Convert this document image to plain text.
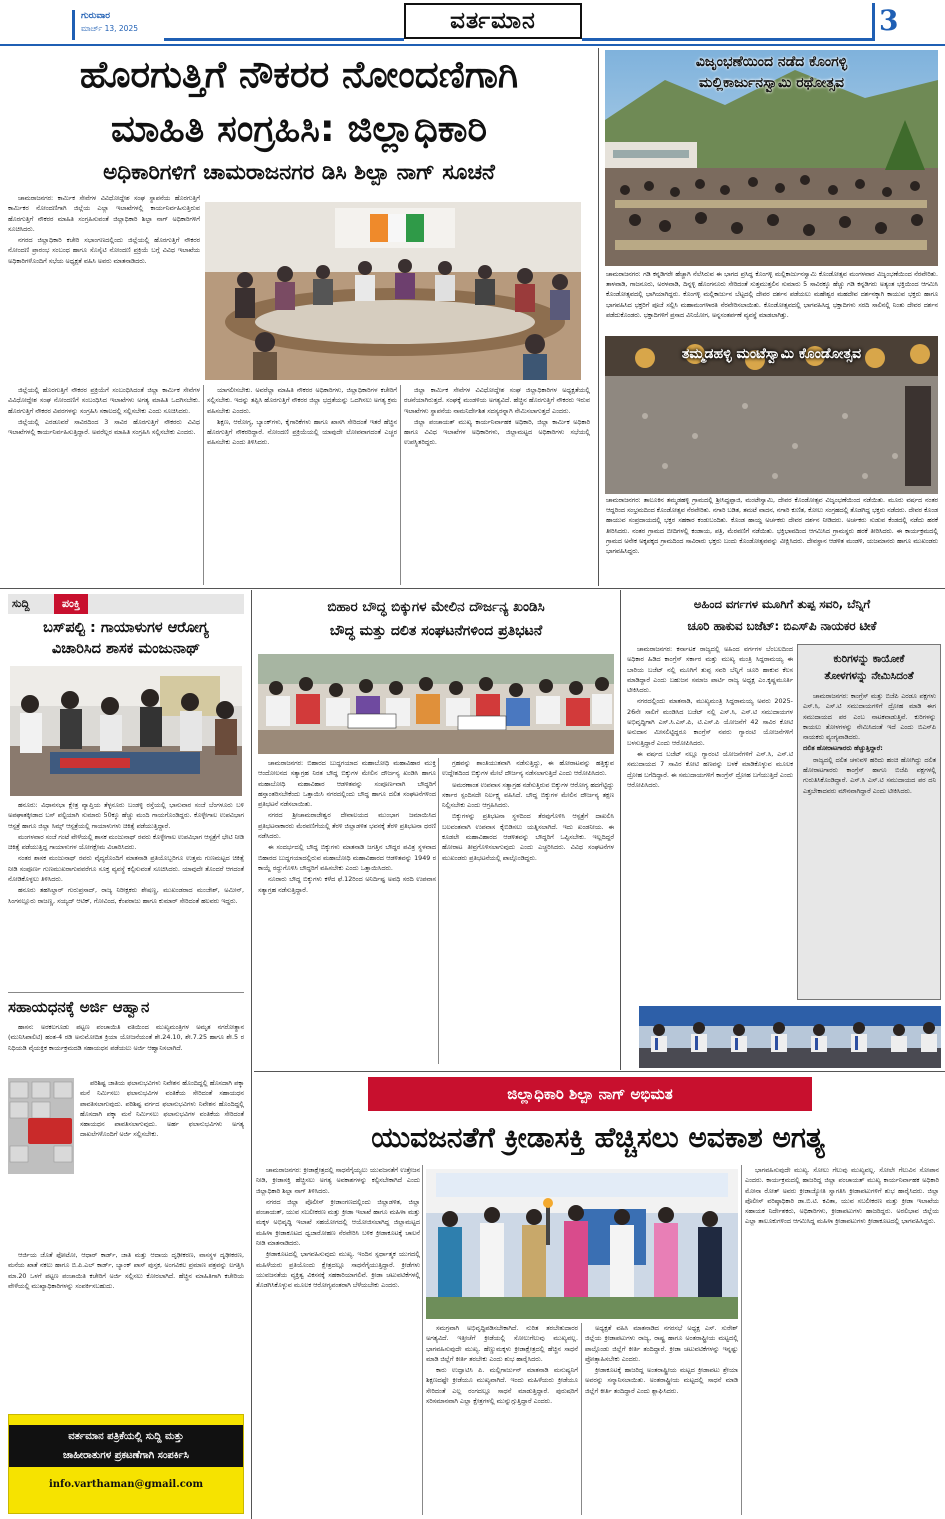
ಗುರುವಾರ
ಮಾರ್ಚ್ 13, 2025	ವರ್ತಮಾನ	3
ಹೊರಗುತ್ತಿಗೆ ನೌಕರರ ನೋಂದಣಿಗಾಗಿ
ಮಾಹಿತಿ ಸಂಗ್ರಹಿಸಿ: ಜಿಲ್ಲಾಧಿಕಾರಿ
ಅಧಿಕಾರಿಗಳಿಗೆ ಚಾಮರಾಜನಗರ ಡಿಸಿ ಶಿಲ್ಪಾ ನಾಗ್ ಸೂಚನೆ

ಚಾಮರಾಜನಗರ: ಕಾರ್ಮಿಕ ಸೇವೆಗಳ ವಿವಿಧೋದ್ದೇಶ ಸಂಘ ಸ್ಥಾಪನೆಯ ಹೊರಗುತ್ತಿಗೆ ಕಾರ್ಮಿಕರ ನೋಂದಣಿಗಾಗಿ ಜಿಲ್ಲೆಯ ಎಲ್ಲಾ ಇಲಾಖೆಗಳಲ್ಲಿ ಕಾರ್ಯನಿರ್ವಹಿಸುತ್ತಿರುವ ಹೊರಗುತ್ತಿಗೆ ನೌಕರರ ಮಾಹಿತಿ ಸಂಗ್ರಹಿಸುವಂತೆ ಜಿಲ್ಲಾಧಿಕಾರಿ ಶಿಲ್ಪಾ ನಾಗ್ ಅಧಿಕಾರಿಗಳಿಗೆ ಸೂಚಿಸಿದರು.

ನಗರದ ಜಿಲ್ಲಾಧಿಕಾರಿ ಕಚೇರಿ ಸಭಾಂಗಣದಲ್ಲಿಂದು ಜಿಲ್ಲೆಯಲ್ಲಿ ಹೊರಗುತ್ತಿಗೆ ನೌಕರರ ನೋಂದಣಿ ಪ್ರಾರಂಭ ಸಂಬಂಧ ಹಾಗೂ ಸೊಸೈಟಿ ನೋಂದಣಿ ಪ್ರಕ್ರಿಯೆ ಬಗ್ಗೆ ವಿವಿಧ ಇಲಾಖೆಯ ಅಧಿಕಾರಿಗಳೊಂದಿಗೆ ಸಭೆಯ ಅಧ್ಯಕ್ಷತೆ ವಹಿಸಿ ಅವರು ಮಾತನಾಡಿದರು.

ಜಿಲ್ಲೆಯಲ್ಲಿ ಹೊರಗುತ್ತಿಗೆ ನೌಕರರ ಪ್ರಕ್ರಿಯೆಗೆ ಸಂಬಂಧಿಸಿದಂತೆ ಜಿಲ್ಲಾ ಕಾರ್ಮಿಕ ಸೇವೆಗಳ ವಿವಿಧೋದ್ದೇಶ ಸಂಘ ನೋಂದಣಿಗೆ ಸಂಬಂಧಿಸಿದ ಇಲಾಖೆಗಳು ಅಗತ್ಯ ಮಾಹಿತಿ ಒದಗಿಸಬೇಕು. ಹೊರಗುತ್ತಿಗೆ ನೌಕರರ ವಿವರಗಳನ್ನು ಸಂಗ್ರಹಿಸಿ ಸಕಾಲದಲ್ಲಿ ಸಲ್ಲಿಸಬೇಕು ಎಂದು ಸೂಚಿಸಿದರು.

ಜಿಲ್ಲೆಯಲ್ಲಿ ಎರಡೂವರೆ ಸಾವಿರದಿಂದ 3 ಸಾವಿರ ಹೊರಗುತ್ತಿಗೆ ನೌಕರರು ವಿವಿಧ ಇಲಾಖೆಗಳಲ್ಲಿ ಕಾರ್ಯನಿರ್ವಹಿಸುತ್ತಿದ್ದಾರೆ. ಅವರೆಲ್ಲರ ಮಾಹಿತಿ ಸಂಗ್ರಹಿಸಿ ಸಲ್ಲಿಸಬೇಕು ಎಂದರು.

ಯಾಗಲೀಸಬೇಕು. ಅವರೆಲ್ಲಾ ಮಾಹಿತಿ ನೌಕರರ ಅಧಿಕಾರಿಗಳು, ಜಿಲ್ಲಾಧಿಕಾರಿಗಳ ಕಚೇರಿಗೆ ಸಲ್ಲಿಸಬೇಕು. ಇದನ್ನು ತಪ್ಪಿಸಿ ಹೊರಗುತ್ತಿಗೆ ನೌಕರರ ಜಿಲ್ಲಾ ಭದ್ರತೆಯನ್ನು ಒದಗಿಸಲು ಅಗತ್ಯ ಕ್ರಮ ವಹಿಸಬೇಕು ಎಂದರು.

ಶಿಕ್ಷಣ, ಆರೋಗ್ಯ, ಬ್ಯಾಂಕ್‌ಗಳು, ಕೈಗಾರಿಕೆಗಳು ಹಾಗೂ ಖಾಸಗಿ ಸೇರಿದಂತೆ ಇತರೆ ಹೆಚ್ಚಿನ ಹೊರಗುತ್ತಿಗೆ ನೌಕರರಿದ್ದಾರೆ. ನೋಂದಣಿ ಪ್ರಕ್ರಿಯೆಯಲ್ಲಿ ಯಾವುದೇ ಲೋಪವಾಗದಂತೆ ಎಚ್ಚರ ವಹಿಸಬೇಕು ಎಂದು ತಿಳಿಸಿದರು.

ಜಿಲ್ಲಾ ಕಾರ್ಮಿಕ ಸೇವೆಗಳ ವಿವಿಧೋದ್ದೇಶ ಸಂಘ ಜಿಲ್ಲಾಧಿಕಾರಿಗಳ ಅಧ್ಯಕ್ಷತೆಯಲ್ಲಿ ರಚನೆಯಾಗಿರುತ್ತದೆ. ಸಂಘಕ್ಕೆ ಮಂಡಳಿಯ ಅಗತ್ಯವಿದೆ. ಹೆಚ್ಚಿನ ಹೊರಗುತ್ತಿಗೆ ನೌಕರರು ಇರುವ ಇಲಾಖೆಗಳು ಸ್ಥಾಪನೆಯ ನಾಮನಿರ್ದೇಶಿತ ಸದಸ್ಯರನ್ನಾಗಿ ನೇಮಿಸಲಾಗುತ್ತದೆ ಎಂದರು.

ಜಿಲ್ಲಾ ಪಂಚಾಯತ್ ಮುಖ್ಯ ಕಾರ್ಯನಿರ್ವಾಹಕ ಅಧಿಕಾರಿ, ಜಿಲ್ಲಾ ಕಾರ್ಮಿಕ ಅಧಿಕಾರಿ ಹಾಗೂ ವಿವಿಧ ಇಲಾಖೆಗಳ ಅಧಿಕಾರಿಗಳು, ಜಿಲ್ಲಾಮಟ್ಟದ ಅಧಿಕಾರಿಗಳು ಸಭೆಯಲ್ಲಿ ಉಪಸ್ಥಿತರಿದ್ದರು.

ವಿಜೃಂಭಣೆಯಿಂದ ನಡೆದ ಕೊಂಗಳ್ಳಿ
ಮಲ್ಲಿಕಾರ್ಜುನಸ್ವಾಮಿ ರಥೋತ್ಸವ
ಚಾಮರಾಜನಗರ: ಗಡಿ ಕನ್ನಡಿಗರೇ ಹೆಚ್ಚಾಗಿ ನೆಲೆಸಿರುವ ಈ ಭಾಗದ ಪ್ರಸಿದ್ಧ ಕೊಂಗಳ್ಳಿ ಮಲ್ಲಿಕಾರ್ಜುನಸ್ವಾಮಿ ಕೊಂಡೋತ್ಸವ ಮಂಗಳವಾರ ವಿಜೃಂಭಣೆಯಿಂದ ನೆರವೇರಿತು. ತಾಳವಾಡಿ, ಗಾಜನೂರು, ಅರಳವಾಡಿ, ದಿನ್ನಳ್ಳಿ ಹೊಂಗನೂರು ಸೇರಿದಂತೆ ಸುತ್ತಮುತ್ತಲಿನ ಸುಮಾರು 5 ಸಾವಿರಕ್ಕೂ ಹೆಚ್ಚು ಗಡಿ ಕನ್ನಡಿಗರು ಅತ್ಯಂತ ಭಕ್ತಿಯಿಂದ ಆಗಮಿಸಿ ಕೊಂಡೋತ್ಸವದಲ್ಲಿ ಭಾಗಿಯಾಗಿದ್ದರು. ಕೊಂಗಳ್ಳಿ ಮಲ್ಲಿಕಾರ್ಜುನ ಬೆಟ್ಟದಲ್ಲಿ ದೇವರ ದರ್ಶನ ಪಡೆಯಲು ಮಹೇಶ್ವರ ಮಹದೇವ ದರ್ಶನಕ್ಕಾಗಿ ಕಾಯುವ ಭಕ್ತರು ಹಾಗೂ ಭಾಗವಹಿಸಿದ ಭಕ್ತರಿಗೆ ಪೂಜೆ ಸಲ್ಲಿಸಿ ಮಹಾಮಂಗಳಾರತಿ ನೆರವೇರಿಸಲಾಯಿತು. ಕೊಂಡೋತ್ಸವದಲ್ಲಿ ಭಾಗವಹಿಸಿದ್ದ ಭಕ್ತಾದಿಗಳು ಸರದಿ ಸಾಲಿನಲ್ಲಿ ನಿಂತು ದೇವರ ದರ್ಶನ ಪಡೆದುಕೊಂಡರು. ಭಕ್ತಾದಿಗಳಿಗೆ ಪ್ರಸಾದ ವಿನಿಯೋಗ, ಅನ್ನಸಂತರ್ಪಣೆ ವ್ಯವಸ್ಥೆ ಮಾಡಲಾಗಿತ್ತು.
ತಮ್ಮಡಹಳ್ಳಿ ಮಂಟೆಸ್ವಾಮಿ ಕೊಂಡೋತ್ಸವ
ಚಾಮರಾಜನಗರ: ತಾಲೂಕಿನ ತಮ್ಮಡಹಳ್ಳಿ ಗ್ರಾಮದಲ್ಲಿ ಶ್ರೀಸಿದ್ಧಪ್ಪಾಜಿ, ಮಂಟೇಸ್ವಾಮಿ, ದೇವರ ಕೊಂಡೋತ್ಸವ ವಿಜೃಂಭಣೆಯಿಂದ ನಡೆಯಿತು. ಮೂರು ವರ್ಷದ ನಂತರ ಆದ್ದರಿಂದ ಸಂಭ್ರಮದಿಂದ ಕೊಂಡೋತ್ಸವ ನೆರವೇರಿತು. ನಗಾರಿ ಬಡಿತ, ತಮಟೆ ವಾದನ, ನಗಾರಿ ಕುಣಿತ, ಕೋಲು ಸಂಗ್ರಹದಲ್ಲಿ ತೊಡಗಿದ್ದ ಭಕ್ತರು ನಡೆದರು. ದೇವರ ಕೊಂಡ ಹಾಯುವ ಸಂಪ್ರದಾಯದಲ್ಲಿ ಭಕ್ತರ ಸಹಕಾರ ಕಂಡುಬಂದಿತು. ಕೊಂಡ ಹಾಯ್ದ ಅರ್ಚಕರು ದೇವರ ದರ್ಶನ ನೀಡಿದರು. ಅರ್ಚಕರು ಸುಡುವ ಕೆಂಡದಲ್ಲಿ ನಡೆದು ಹರಕೆ ತೀರಿಸಿದರು. ನಂತರ ಗ್ರಾಮದ ಬೀದಿಗಳಲ್ಲಿ ಕಂಡಾಯ, ಪತ್ರಿ, ಮೆರವಣಿಗೆ ನಡೆಯಿತು. ಭಕ್ತಿಭಾವದಿಂದ ಆಗಮಿಸಿದ ಗ್ರಾಮಸ್ಥರು ಹರಕೆ ತೀರಿಸಿದರು. ಈ ಕಾರ್ಯಕ್ರಮದಲ್ಲಿ ಗ್ರಾಮದ ಅನೇಕ ಅಕ್ಕಪಕ್ಕದ ಗ್ರಾಮದಿಂದ ಸಾವಿರಾರು ಭಕ್ತರು ಬಂದು ಕೊಂಡೋತ್ಸವವನ್ನು ವೀಕ್ಷಿಸಿದರು. ದೇವಸ್ಥಾನ ಆಡಳಿತ ಮಂಡಳಿ, ಯಜಮಾನರು ಹಾಗೂ ಮುಖಂಡರು ಭಾಗವಹಿಸಿದ್ದರು.
ಸುದ್ದಿ	ಪಂಕ್ತಿ
ಬಸ್‌ಪಲ್ಟಿ : ಗಾಯಾಳುಗಳ ಆರೋಗ್ಯ
ವಿಚಾರಿಸಿದ ಶಾಸಕ ಮಂಜುನಾಥ್

ಹನೂರು: ವಿಧಾನಸಭಾ ಕ್ಷೇತ್ರ ವ್ಯಾಪ್ತಿಯ ತೆಳ್ಳನೂರು ಬಂಡಳ್ಳಿ ರಸ್ತೆಯಲ್ಲಿ ಭಾನುವಾರ ಸಂಜೆ ಬೆಂಗಳೂರು ಬಳಿ ಅಪಘಾತಕ್ಕೀಡಾದ ಬಸ್ ಪಲ್ಟಿಯಾಗಿ ಸುಮಾರು 50ಕ್ಕೂ ಹೆಚ್ಚು ಮಂದಿ ಗಾಯಗೊಂಡಿದ್ದರು. ಕೊಳ್ಳೇಗಾಲ ಉಪವಿಭಾಗ ಆಸ್ಪತ್ರೆ ಹಾಗೂ ಜಿಲ್ಲಾ ಸಿಮ್ಸ್ ಆಸ್ಪತ್ರೆಯಲ್ಲಿ ಗಾಯಾಳುಗಳು ಚಿಕಿತ್ಸೆ ಪಡೆಯುತ್ತಿದ್ದಾರೆ.

ಮಂಗಳವಾರ ಸಂಜೆ ಗಂಟೆ ವೇಳೆಯಲ್ಲಿ ಶಾಸಕ ಮಂಜುನಾಥ್ ರವರು ಕೊಳ್ಳೇಗಾಲ ಉಪವಿಭಾಗ ಆಸ್ಪತ್ರೆಗೆ ಭೇಟಿ ನೀಡಿ ಚಿಕಿತ್ಸೆ ಪಡೆಯುತ್ತಿದ್ದ ಗಾಯಾಳುಗಳ ಯೋಗಕ್ಷೇಮ ವಿಚಾರಿಸಿದರು.

ನಂತರ ಶಾಸಕ ಮಂಜುನಾಥ್ ರವರು ವೈದ್ಯರೊಂದಿಗೆ ಮಾತನಾಡಿ ಪ್ರತಿಯೊಬ್ಬರಿಗೂ ಉತ್ತಮ ಗುಣಮಟ್ಟದ ಚಿಕಿತ್ಸೆ ನೀಡಿ ಸಂಪೂರ್ಣ ಗುಣಮುಖರಾಗುವವರೆಗೂ ಸೂಕ್ತ ವ್ಯವಸ್ಥೆ ಕಲ್ಪಿಸುವಂತೆ ಸೂಚಿಸಿದರು. ಯಾವುದೇ ತೊಂದರೆ ಆಗದಂತೆ ನೋಡಿಕೊಳ್ಳಲು ತಿಳಿಸಿದರು.

ಹನೂರು ತಹಸಿಲ್ದಾರ್ ಗುರುಪ್ರಸಾದ್, ರಾಜ್ಯ ನಿರೀಕ್ಷಕರು ಶೇಷಣ್ಣ, ಮುಖಂಡರಾದ ಮಂಜೇಶ್, ಅಮೀನ್, ಸಿಂಗನಲ್ಲೂರು ರಾಜಣ್ಣ, ಸಯ್ಯದ್ ಆಟಿಕ್, ಗೋವಿಂದ, ಕೆಂಪರಾಜು ಹಾಗೂ ಕುಮಾರ್ ಸೇರಿದಂತೆ ಹಲವರು ಇದ್ದರು.

ಸಹಾಯಧನಕ್ಕೆ ಅರ್ಜಿ ಆಹ್ವಾನ

ಹಾಸನ: ಅರಕಲಗೂಡು ಪಟ್ಟಣ ಪಂಚಾಯಿತಿ ವತಿಯಿಂದ ಮುಖ್ಯಮಂತ್ರಿಗಳ ಅಮೃತ ನಗರೋತ್ಥಾನ (ಮುನಿಸಿಪಾಲಿಟಿ) ಹಂತ-4 ರಡಿ ಅನುಮೋದಿತ ಕ್ರಿಯಾ ಯೋಜನೆಯಂತೆ ಶೇ.24.10, ಶೇ.7.25 ಹಾಗೂ ಶೇ.5 ರ ನಿಧಿಯಡಿ ವೈಯಕ್ತಿಕ ಕಾರ್ಯಕ್ರಮದಡಿ ಸಹಾಯಧನ ಪಡೆಯಲು ಅರ್ಜಿ ಆಹ್ವಾನಿಸಲಾಗಿದೆ.

ಪರಿಶಿಷ್ಟ ಜಾತಿಯ ಫಲಾನುಭವಿಗಳು ನಿವೇಶನ ಹೊಂದಿದ್ದಲ್ಲಿ ಹೊಸದಾಗಿ ಪಕ್ಕಾ ಮನೆ ನಿರ್ಮಿಸಲು ಫಲಾನುಭವಿಗಳ ವಂತಿಕೆಯ ಸೇರಿದಂತೆ ಸಹಾಯಧನ ಪಾವತಿಸಲಾಗುವುದು. ಪರಿಶಿಷ್ಟ ವರ್ಗದ ಫಲಾನುಭವಿಗಳು ನಿವೇಶನ ಹೊಂದಿದ್ದಲ್ಲಿ ಹೊಸದಾಗಿ ಪಕ್ಕಾ ಮನೆ ನಿರ್ಮಿಸಲು ಫಲಾನುಭವಿಗಳ ವಂತಿಕೆಯ ಸೇರಿದಂತೆ ಸಹಾಯಧನ ಪಾವತಿಸಲಾಗುವುದು. ಅರ್ಹ ಫಲಾನುಭವಿಗಳು ಅಗತ್ಯ ದಾಖಲೆಗಳೊಂದಿಗೆ ಅರ್ಜಿ ಸಲ್ಲಿಸಬೇಕು.

ಆರ್ಜಿಯ ಜೊತೆ ಫೋಟೋ, ಆಧಾರ್ ಕಾರ್ಡ್, ಜಾತಿ ಮತ್ತು ಆದಾಯ ದೃಢೀಕರಣ, ವಾಸಸ್ಥಳ ದೃಢೀಕರಣ, ಮನೆಯ ಖಾತೆ ನಕಲು ಹಾಗೂ ಬಿ.ಪಿ.ಎಲ್ ಕಾರ್ಡ್, ಬ್ಯಾಂಕ್ ಪಾಸ್ ಪುಸ್ತಕ, ಅಂಗವಿಕಲ ಪ್ರಮಾಣ ಪತ್ರವನ್ನು ಲಗತ್ತಿಸಿ ಮಾ.20 ಒಳಗೆ ಪಟ್ಟಣ ಪಂಚಾಯಿತಿ ಕಚೇರಿಗೆ ಅರ್ಜಿ ಸಲ್ಲಿಸಲು ಕೋರಲಾಗಿದೆ. ಹೆಚ್ಚಿನ ಮಾಹಿತಿಗಾಗಿ ಕಚೇರಿಯ ವೇಳೆಯಲ್ಲಿ ಮುಖ್ಯಾಧಿಕಾರಿಗಳನ್ನು ಸಂಪರ್ಕಿಸಬಹುದು.

ವರ್ತಮಾನ ಪತ್ರಿಕೆಯಲ್ಲಿ ಸುದ್ದಿ ಮತ್ತು
ಜಾಹೀರಾತುಗಳ ಪ್ರಕಟಣೆಗಾಗಿ ಸಂಪರ್ಕಿಸಿ
info.varthaman@gmail.com
ಬಿಹಾರ ಬೌದ್ಧ ಬಿಕ್ಕುಗಳ ಮೇಲಿನ ದೌರ್ಜನ್ಯ ಖಂಡಿಸಿ
ಬೌದ್ಧ ಮತ್ತು ದಲಿತ ಸಂಘಟನೆಗಳಿಂದ ಪ್ರತಿಭಟನೆ

ಚಾಮರಾಜನಗರ: ಬಿಹಾರದ ಬುದ್ಧಗಯಾದ ಮಹಾಬೋಧಿ ಮಹಾವಿಹಾರ ಮುಕ್ತಿ ಆಂದೋಲನದ ಸತ್ಯಾಗ್ರಹ ನಿರತ ಬೌದ್ಧ ಬಿಕ್ಕುಗಳ ಮೇಲಿನ ದೌರ್ಜನ್ಯ ಖಂಡಿಸಿ ಹಾಗೂ ಮಹಾಬೋಧಿ ಮಹಾವಿಹಾರ ಆಡಳಿತವನ್ನು ಸಂಪೂರ್ಣವಾಗಿ ಬೌದ್ಧರಿಗೆ ಹಸ್ತಾಂತರಿಸಬೇಕೆಂದು ಒತ್ತಾಯಿಸಿ ನಗರದಲ್ಲಿಂದು ಬೌದ್ಧ ಹಾಗೂ ದಲಿತ ಸಂಘಟನೆಗಳಿಂದ ಪ್ರತಿಭಟನೆ ನಡೆಸಲಾಯಿತು.

ನಗರದ ಶ್ರೀಚಾಮರಾಜೇಶ್ವರ ದೇವಾಲಯದ ಮುಂಭಾಗ ಜಮಾಯಿಸಿದ ಪ್ರತಿಭಟನಾಕಾರರು ಮೆರವಣಿಗೆಯಲ್ಲಿ ತೆರಳಿ ಜಿಲ್ಲಾಡಳಿತ ಭವನಕ್ಕೆ ತೆರಳಿ ಪ್ರತಿಭಟನಾ ಧರಣಿ ನಡೆಸಿದರು.

ಈ ಸಂದರ್ಭದಲ್ಲಿ ಬೌದ್ಧ ಬಿಕ್ಕುಗಳು ಮಾತನಾಡಿ ಜಗತ್ತಿನ ಬೌದ್ಧರ ಪವಿತ್ರ ಸ್ಥಳವಾದ ಬಿಹಾರದ ಬುದ್ಧಗಯಾದಲ್ಲಿರುವ ಮಹಾಬೋಧಿ ಮಹಾವಿಹಾರದ ಆಡಳಿತವನ್ನು 1949 ರ ಕಾಯ್ದೆ ರದ್ದುಗೊಳಿಸಿ ಬೌದ್ಧರಿಗೆ ವಹಿಸಬೇಕು ಎಂದು ಒತ್ತಾಯಿಸಿದರು.

ನೂರಾರು ಬೌದ್ಧ ಬಿಕ್ಕುಗಳು ಕಳೆದ ಫೆ.12ರಿಂದ ಅನಿರ್ದಿಷ್ಟ ಅವಧಿ ಸರದಿ ಉಪವಾಸ ಸತ್ಯಾಗ್ರಹ ನಡೆಸುತ್ತಿದ್ದಾರೆ.

ಗ್ರಹವನ್ನು ಶಾಂತಿಯುತವಾಗಿ ನಡೆಸುತ್ತಿದ್ದು, ಈ ಹೋರಾಟವನ್ನು ಹತ್ತಿಕ್ಕುವ ಉದ್ದೇಶದಿಂದ ಬಿಕ್ಕುಗಳ ಮೇಲೆ ದೌರ್ಜನ್ಯ ನಡೆಸಲಾಗುತ್ತಿದೆ ಎಂದು ಆರೋಪಿಸಿದರು.

ಅಮರಣಾಂತ ಉಪವಾಸ ಸತ್ಯಾಗ್ರಹ ನಡೆಸುತ್ತಿರುವ ಬಿಕ್ಕುಗಳ ಆರೋಗ್ಯ ಹದಗೆಟ್ಟಿದ್ದು ಸರ್ಕಾರ ಸ್ಪಂದಿಸದೇ ನಿರ್ಲಕ್ಷ್ಯ ವಹಿಸಿದೆ. ಬೌದ್ಧ ಬಿಕ್ಕುಗಳ ಮೇಲಿನ ದೌರ್ಜನ್ಯ ತಕ್ಷಣ ನಿಲ್ಲಿಸಬೇಕು ಎಂದು ಆಗ್ರಹಿಸಿದರು.

ಬಿಕ್ಕುಗಳನ್ನು ಪ್ರತಿಭಟನಾ ಸ್ಥಳದಿಂದ ತೆರವುಗೊಳಿಸಿ ಆಸ್ಪತ್ರೆಗೆ ದಾಖಲಿಸಿ ಬಲವಂತವಾಗಿ ಉಪವಾಸ ಕೈಬಿಡಿಸಲು ಯತ್ನಿಸಲಾಗಿದೆ. ಇದು ಖಂಡನೀಯ. ಈ ಕೂಡಲೇ ಮಹಾವಿಹಾರದ ಆಡಳಿತವನ್ನು ಬೌದ್ಧರಿಗೆ ಒಪ್ಪಿಸಬೇಕು. ಇಲ್ಲದಿದ್ದರೆ ಹೋರಾಟ ತೀವ್ರಗೊಳಿಸಲಾಗುವುದು ಎಂದು ಎಚ್ಚರಿಸಿದರು. ವಿವಿಧ ಸಂಘಟನೆಗಳ ಮುಖಂಡರು ಪ್ರತಿಭಟನೆಯಲ್ಲಿ ಪಾಲ್ಗೊಂಡಿದ್ದರು.

ಅಹಿಂದ ವರ್ಗಗಳ ಮೂಗಿಗೆ ತುಪ್ಪ ಸವರಿ, ಬೆನ್ನಿಗೆ
ಚೂರಿ ಹಾಕುವ ಬಜೆಟ್: ಬಿಎಸ್‌ಪಿ ನಾಯಕರ ಟೀಕೆ

ಚಾಮರಾಜನಗರ: ಕರ್ನಾಟಕ ರಾಜ್ಯದಲ್ಲಿ ಅಹಿಂದ ವರ್ಗಗಳ ಬೆಂಬಲದಿಂದ ಅಧಿಕಾರ ಹಿಡಿದ ಕಾಂಗ್ರೆಸ್ ಸರ್ಕಾರ ಮತ್ತು ಮುಖ್ಯ ಮಂತ್ರಿ ಸಿದ್ದರಾಮಯ್ಯ ಈ ಬಾರಿಯ ಬಜೆಟ್ ನಲ್ಲಿ ಮೂಗಿಗೆ ತುಪ್ಪ ಸವರಿ ಬೆನ್ನಿಗೆ ಚೂರಿ ಹಾಕುವ ಕೆಲಸ ಮಾಡಿದ್ದಾರೆ ಎಂದು ಬಹುಜನ ಸಮಾಜ ಪಾರ್ಟಿ ರಾಜ್ಯ ಅಧ್ಯಕ್ಷ ಎಂ.ಕೃಷ್ಣಮೂರ್ತಿ ಟೀಕಿಸಿದರು.

ನಗರದಲ್ಲಿಂದು ಮಾತನಾಡಿ, ಮುಖ್ಯಮಂತ್ರಿ ಸಿದ್ದರಾಮಯ್ಯ ಅವರು 2025-26ನೇ ಸಾಲಿಗೆ ಮಂಡಿಸಿದ ಬಜೆಟ್ ನಲ್ಲಿ ಎಸ್.ಸಿ, ಎಸ್.ಟಿ ಸಮುದಾಯಗಳ ಅಭಿವೃದ್ಧಿಗಾಗಿ ಎಸ್.ಸಿ.ಎಸ್.ಪಿ, ಟಿ.ಎಸ್.ಪಿ ಯೋಜನೆಗೆ 42 ಸಾವಿರ ಕೋಟಿ ಅನುದಾನ ಮೀಸಲಿಟ್ಟಿದ್ದರೂ ಕಾಂಗ್ರೆಸ್ ನವರು ಗ್ಯಾರಂಟಿ ಯೋಜನೆಗಳಿಗೆ ಬಳಸುತ್ತಿದ್ದಾರೆ ಎಂದು ಆರೋಪಿಸಿದರು.

ಈ ವರ್ಷದ ಬಜೆಟ್ ನಲ್ಲೂ ಗ್ಯಾರಂಟಿ ಯೋಜನೆಗಳಿಗೆ ಎಸ್.ಸಿ, ಎಸ್.ಟಿ ಸಮುದಾಯದ 7 ಸಾವಿರ ಕೋಟಿ ಹಣವನ್ನು ಬಳಕೆ ಮಾಡಿಕೊಳ್ಳುವ ಮೂಲಕ ದ್ರೋಹ ಬಗೆದಿದ್ದಾರೆ. ಈ ಸಮುದಾಯಗಳಿಗೆ ಕಾಂಗ್ರೆಸ್ ದ್ರೋಹ ಬಗೆಯುತ್ತಿದೆ ಎಂದು ಆರೋಪಿಸಿದರು.

ಕುರಿಗಳನ್ನು ಕಾಯೋಕೆ
ತೋಳಗಳನ್ನು ನೇಮಿಸಿದಂತೆ

ಚಾಮರಾಜನಗರ: ಕಾಂಗ್ರೆಸ್ ಮತ್ತು ಬಿಜೆಪಿ ಎರಡೂ ಪಕ್ಷಗಳು ಎಸ್.ಸಿ, ಎಸ್.ಟಿ ಸಮುದಾಯಗಳಿಗೆ ದ್ರೋಹ ಮಾಡಿ ಈಗ ಸಮುದಾಯದ ಪರ ಎಂಬ ನಾಟಕವಾಡುತ್ತಿವೆ. ಕುರಿಗಳನ್ನು ಕಾಯಲು ತೋಳಗಳನ್ನು ನೇಮಿಸಿದಂತೆ ಇದೆ ಎಂದು ಬಿಎಸ್‌ಪಿ ನಾಯಕರು ವ್ಯಂಗ್ಯವಾಡಿದರು.

ದಲಿತ ಹೋರಾಟಗಾರರು ಹೆಚ್ಚುತ್ತಿದ್ದಾರೆ:

ರಾಜ್ಯದಲ್ಲಿ ದಲಿತ ಚಳುವಳಿ ಹರಿದು ಹಂಚಿ ಹೋಗಿದ್ದು ದಲಿತ ಹೋರಾಟಗಾರರು ಕಾಂಗ್ರೆಸ್ ಹಾಗೂ ಬಿಜೆಪಿ ಪಕ್ಷಗಳಲ್ಲಿ ಗುರುತಿಸಿಕೊಂಡಿದ್ದಾರೆ. ಎಸ್.ಸಿ ಎಸ್.ಟಿ ಸಮುದಾಯದ ಪರ ದನಿ ಎತ್ತಬೇಕಾದವರು ಮೌನವಾಗಿದ್ದಾರೆ ಎಂದು ಟೀಕಿಸಿದರು.

ಜಿಲ್ಲಾಧಿಕಾರಿ ಶಿಲ್ಪಾ ನಾಗ್ ಅಭಿಮತ
ಯುವಜನತೆಗೆ ಕ್ರೀಡಾಸಕ್ತಿ ಹೆಚ್ಚಿಸಲು ಅವಕಾಶ ಅಗತ್ಯ

ಚಾಮರಾಜನಗರ: ಕ್ರೀಡಾಕ್ಷೇತ್ರದಲ್ಲಿ ಸಾಧನೆಗೈಯ್ಯಲು ಯುವಜನತೆಗೆ ಉತ್ತೇಜನ ನೀಡಿ, ಕ್ರೀಡಾಸಕ್ತಿ ಹೆಚ್ಚಿಸಲು ಅಗತ್ಯ ಅವಕಾಶಗಳನ್ನು ಕಲ್ಪಿಸಬೇಕಾಗಿದೆ ಎಂದು ಜಿಲ್ಲಾಧಿಕಾರಿ ಶಿಲ್ಪಾ ನಾಗ್ ತಿಳಿಸಿದರು.

ನಗರದ ಜಿಲ್ಲಾ ಪೊಲೀಸ್ ಕ್ರೀಡಾಂಗಣದಲ್ಲಿಂದು ಜಿಲ್ಲಾಡಳಿತ, ಜಿಲ್ಲಾ ಪಂಚಾಯತ್, ಯುವ ಸಬಲೀಕರಣ ಮತ್ತು ಕ್ರೀಡಾ ಇಲಾಖೆ ಹಾಗೂ ಮಹಿಳಾ ಮತ್ತು ಮಕ್ಕಳ ಅಭಿವೃದ್ಧಿ ಇಲಾಖೆ ಸಹಯೋಗದಲ್ಲಿ ಆಯೋಜಿಸಲಾಗಿದ್ದ ಜಿಲ್ಲಾಮಟ್ಟದ ಮಹಿಳಾ ಕ್ರೀಡಾಕೂಟದ ಧ್ವಜಾರೋಹಣ ನೆರವೇರಿಸಿ ಬಳಿಕ ಕ್ರೀಡಾಕೂಟಕ್ಕೆ ಚಾಲನೆ ನೀಡಿ ಮಾತನಾಡಿದರು.

ಕ್ರೀಡಾಕೂಟದಲ್ಲಿ ಭಾಗವಹಿಸುವುದು ಮುಖ್ಯ. ಇಂದಿನ ಸ್ಪರ್ಧಾತ್ಮಕ ಯುಗದಲ್ಲಿ ಮಹಿಳೆಯರು ಪ್ರತಿಯೊಂದು ಕ್ಷೇತ್ರದಲ್ಲೂ ಸಾಧನೆಗೈಯುತ್ತಿದ್ದಾರೆ. ಕ್ರೀಡೆಗಳು ಯುವಜನತೆಯ ವ್ಯಕ್ತಿತ್ವ ವಿಕಸನಕ್ಕೆ ಸಹಕಾರಿಯಾಗಲಿವೆ. ಕ್ರೀಡಾ ಚಟುವಟಿಕೆಗಳಲ್ಲಿ ತೊಡಗಿಸಿಕೊಳ್ಳುವ ಮೂಲಕ ಆರೋಗ್ಯವಂತರಾಗಿ ಬೆಳೆಯಬೇಕು ಎಂದರು.

ಸಮಗ್ರವಾಗಿ ಅಭಿವೃದ್ಧಿಪಡಿಸಬೇಕಾಗಿದೆ. ನುರಿತ ತರಬೇತುದಾರರ ಅಗತ್ಯವಿದೆ. ಇತ್ತೀಚೆಗೆ ಕ್ರೀಡೆಯಲ್ಲಿ ಸೋಲುಗೆಲುವು ಮುಖ್ಯವಲ್ಲ. ಭಾಗವಹಿಸುವುದೇ ಮುಖ್ಯ. ಹೆಣ್ಣುಮಕ್ಕಳು ಕ್ರೀಡಾಕ್ಷೇತ್ರದಲ್ಲಿ ಹೆಚ್ಚಿನ ಸಾಧನೆ ಮಾಡಿ ಜಿಲ್ಲೆಗೆ ಕೀರ್ತಿ ತರಬೇಕು ಎಂದು ಶುಭ ಹಾರೈಸಿದರು.

ಕಾರು ಉದ್ಘಾಟಿಸಿ ಪಿ. ಮಲ್ಲಿಗಾರ್ಜುನ್ ಮಾತನಾಡಿ ಮನುಷ್ಯನಿಗೆ ಶಿಕ್ಷಣದಷ್ಟೇ ಕ್ರೀಡೆಯೂ ಮುಖ್ಯವಾಗಿದೆ. ಇಂದು ಮಹಿಳೆಯರು ಕ್ರೀಡೆಯೂ ಸೇರಿದಂತೆ ಎಲ್ಲ ರಂಗದಲ್ಲೂ ಸಾಧನೆ ಮಾಡುತ್ತಿದ್ದಾರೆ. ಪುರುಷರಿಗೆ ಸರಿಸಮಾನವಾಗಿ ಎಲ್ಲಾ ಕ್ಷೇತ್ರಗಳಲ್ಲಿ ಮುನ್ನುಗ್ಗುತ್ತಿದ್ದಾರೆ ಎಂದರು.

ಅಧ್ಯಕ್ಷತೆ ವಹಿಸಿ ಮಾತನಾಡಿದ ನಗರಸಭೆ ಅಧ್ಯಕ್ಷ ಎಸ್. ಸುರೇಶ್ ಜಿಲ್ಲೆಯ ಕ್ರೀಡಾಪಟುಗಳು ರಾಜ್ಯ, ರಾಷ್ಟ್ರ ಹಾಗೂ ಅಂತರಾಷ್ಟ್ರೀಯ ಮಟ್ಟದಲ್ಲಿ ಪಾಲ್ಗೊಂಡು ಜಿಲ್ಲೆಗೆ ಕೀರ್ತಿ ತಂದಿದ್ದಾರೆ. ಕ್ರೀಡಾ ಚಟುವಟಿಕೆಗಳನ್ನು ಇನ್ನಷ್ಟು ಪ್ರೋತ್ಸಾಹಿಸಬೇಕು ಎಂದರು.

ಕ್ರೀಡಾಕೂಟಕ್ಕೆ ಹಾಜರಿದ್ದ ಅಂತರಾಷ್ಟ್ರೀಯ ಮಟ್ಟದ ಕ್ರೀಡಾಪಟು ಶ್ರೇಯಾ ಅವರನ್ನು ಸನ್ಮಾನಿಸಲಾಯಿತು. ಅಂತರಾಷ್ಟ್ರೀಯ ಮಟ್ಟದಲ್ಲಿ ಸಾಧನೆ ಮಾಡಿ ಜಿಲ್ಲೆಗೆ ಕೀರ್ತಿ ತಂದಿದ್ದಾರೆ ಎಂದು ಶ್ಲಾಘಿಸಿದರು.

ಭಾಗವಹಿಸುವುದೇ ಮುಖ್ಯ. ಸೋಲು ಗೆಲುವು ಮುಖ್ಯವಲ್ಲ. ಸೋಲೇ ಗೆಲುವಿನ ಸೋಪಾನ ಎಂದರು. ಕಾರ್ಯಕ್ರಮದಲ್ಲಿ ಹಾಜರಿದ್ದ ಜಿಲ್ಲಾ ಪಂಚಾಯತ್ ಮುಖ್ಯ ಕಾರ್ಯನಿರ್ವಾಹಕ ಅಧಿಕಾರಿ ಮೋನಾ ರೋತ್ ಅವರು ಕ್ರೀಡಾಜ್ಯೋತಿ ಸ್ವಾಗತಿಸಿ ಕ್ರೀಡಾಪಟುಗಳಿಗೆ ಶುಭ ಹಾರೈಸಿದರು. ಜಿಲ್ಲಾ ಪೊಲೀಸ್ ವರಿಷ್ಠಾಧಿಕಾರಿ ಡಾ.ಬಿ.ಟಿ. ಕವಿತಾ, ಯುವ ಸಬಲೀಕರಣ ಮತ್ತು ಕ್ರೀಡಾ ಇಲಾಖೆಯ ಸಹಾಯಕ ನಿರ್ದೇಶಕರು, ಅಧಿಕಾರಿಗಳು, ಕ್ರೀಡಾಪಟುಗಳು ಹಾಜರಿದ್ದರು. ಅರಲಿಭಾವ ಜಿಲ್ಲೆಯ ಎಲ್ಲಾ ತಾಲೂಕುಗಳಿಂದ ಆಗಮಿಸಿದ್ದ ಮಹಿಳಾ ಕ್ರೀಡಾಪಟುಗಳು ಕ್ರೀಡಾಕೂಟದಲ್ಲಿ ಭಾಗವಹಿಸಿದ್ದರು.
